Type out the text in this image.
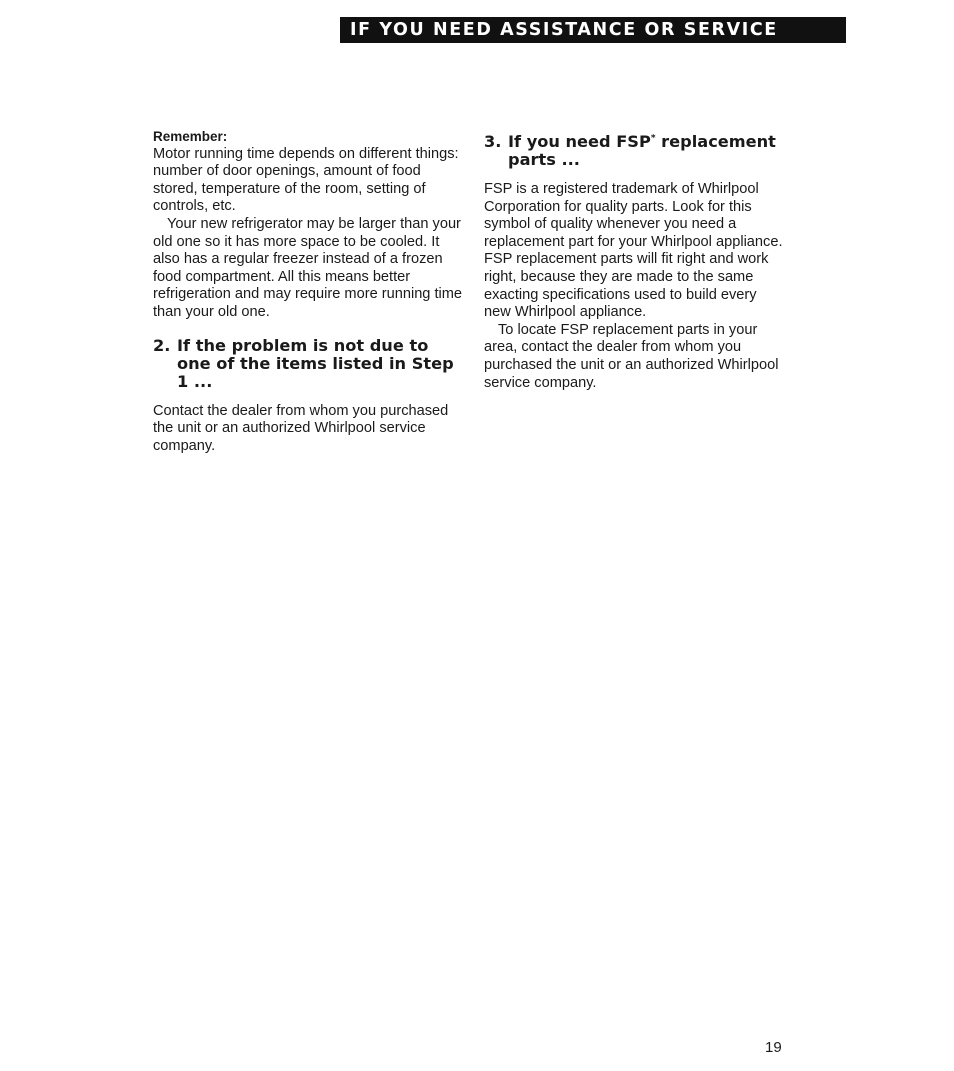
IF YOU NEED ASSISTANCE OR SERVICE
Remember:

Motor running time depends on different things: number of door openings, amount of food stored, temperature of the room, setting of controls, etc.

Your new refrigerator may be larger than your old one so it has more space to be cooled. It also has a regular freezer instead of a frozen food compartment. All this means better refrigeration and may require more running time than your old one.

2. If the problem is not due to one of the items listed in Step 1 ...

Contact the dealer from whom you purchased the unit or an authorized Whirlpool service company.

3. If you need FSP* replacement parts ...

FSP is a registered trademark of Whirlpool Corporation for quality parts. Look for this symbol of quality whenever you need a replacement part for your Whirlpool appliance. FSP replacement parts will fit right and work right, because they are made to the same exacting specifications used to build every new Whirlpool appliance.

To locate FSP replacement parts in your area, contact the dealer from whom you purchased the unit or an authorized Whirlpool service company.

19
